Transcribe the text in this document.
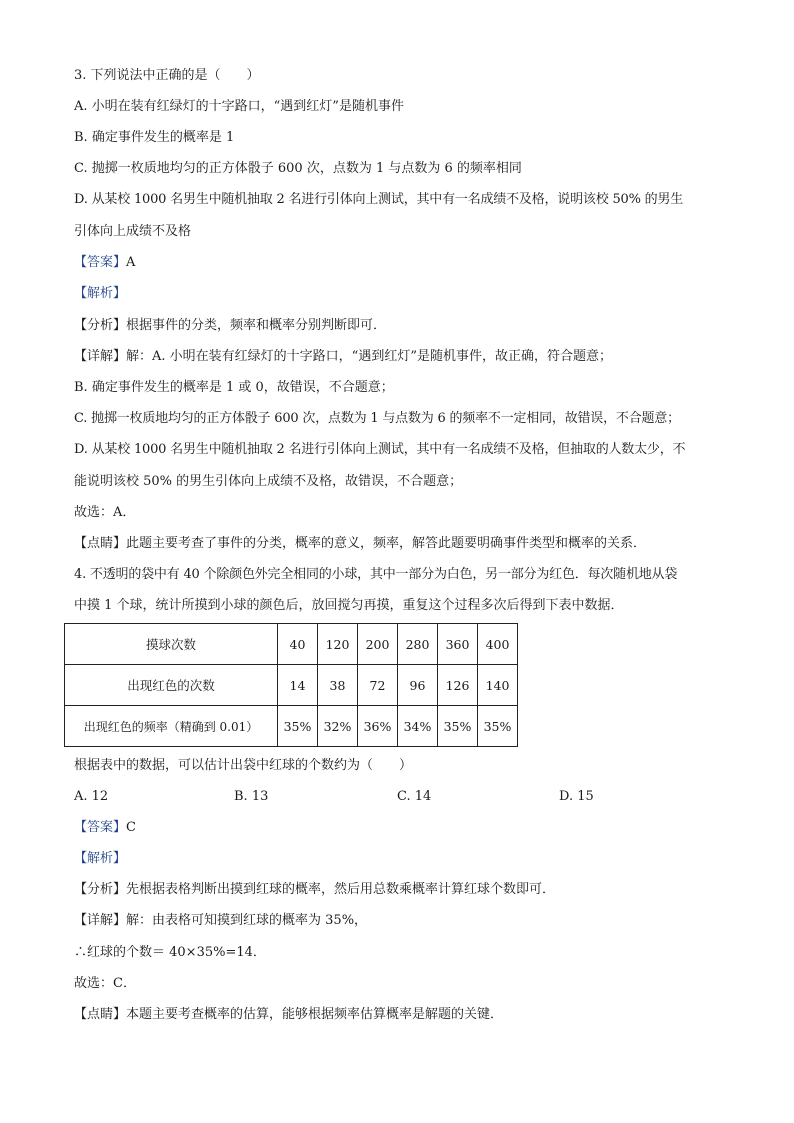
3. 下列说法中正确的是（　　）
A. 小明在装有红绿灯的十字路口，“遇到红灯”是随机事件
B. 确定事件发生的概率是 1
C. 抛掷一枚质地均匀的正方体骰子 600 次，点数为 1 与点数为 6 的频率相同
D. 从某校 1000 名男生中随机抽取 2 名进行引体向上测试，其中有一名成绩不及格，说明该校 50% 的男生
引体向上成绩不及格
【答案】A
【解析】
【分析】根据事件的分类，频率和概率分别判断即可．
【详解】解：A. 小明在装有红绿灯的十字路口，“遇到红灯”是随机事件，故正确，符合题意；
B. 确定事件发生的概率是 1 或 0，故错误，不合题意；
C. 抛掷一枚质地均匀的正方体骰子 600 次，点数为 1 与点数为 6 的频率不一定相同，故错误，不合题意；
D. 从某校 1000 名男生中随机抽取 2 名进行引体向上测试，其中有一名成绩不及格，但抽取的人数太少，不
能说明该校 50% 的男生引体向上成绩不及格，故错误，不合题意；
故选：A．
【点睛】此题主要考查了事件的分类，概率的意义，频率，解答此题要明确事件类型和概率的关系．
4. 不透明的袋中有 40 个除颜色外完全相同的小球，其中一部分为白色，另一部分为红色．每次随机地从袋
中摸 1 个球，统计所摸到小球的颜色后，放回搅匀再摸，重复这个过程多次后得到下表中数据．
摸球次数	40	120	200	280	360	400
出现红色的次数	14	38	72	96	126	140
出现红色的频率（精确到 0.01）	35%	32%	36%	34%	35%	35%
根据表中的数据，可以估计出袋中红球的个数约为（　　）
A. 12	B. 13	C. 14	D. 15
【答案】C
【解析】
【分析】先根据表格判断出摸到红球的概率，然后用总数乘概率计算红球个数即可．
【详解】解：由表格可知摸到红球的概率为 35%，
∴红球的个数＝ 40×35%=14．
故选：C．
【点睛】本题主要考查概率的估算，能够根据频率估算概率是解题的关键．
